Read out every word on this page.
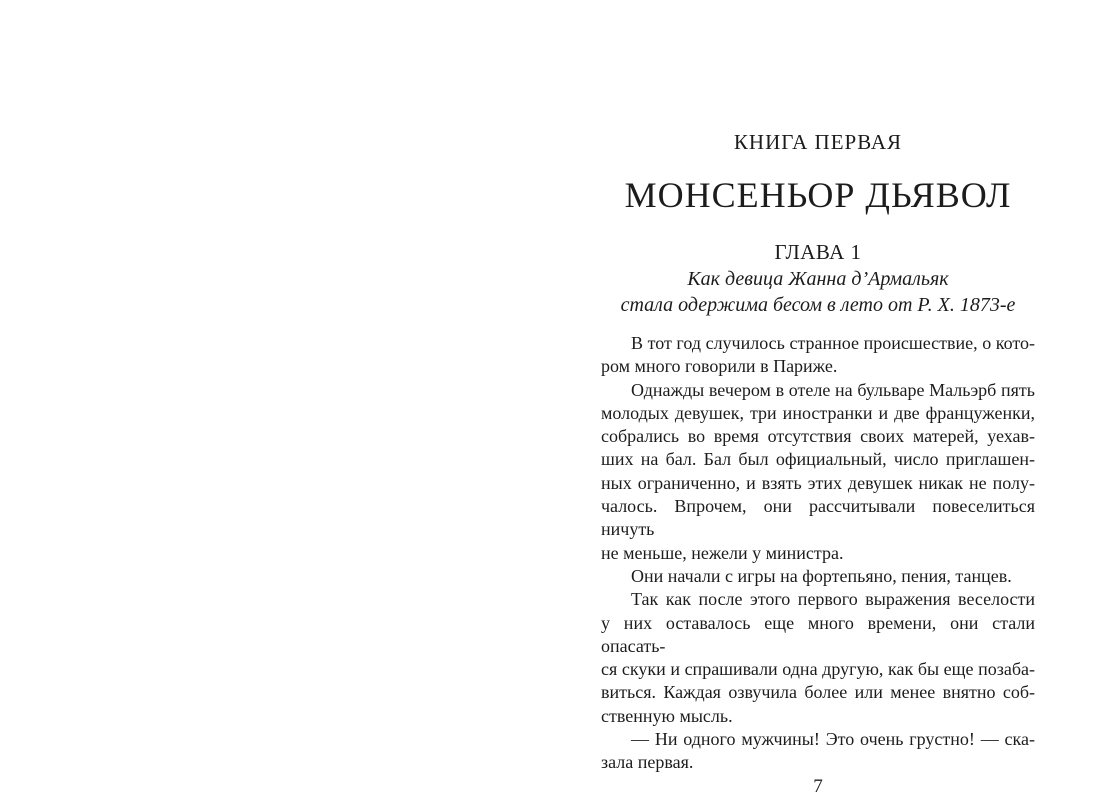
КНИГА ПЕРВАЯ
МОНСЕНЬОР ДЬЯВОЛ
ГЛАВА 1
Как девица Жанна д’Армальяк
стала одержима бесом в лето от Р. Х. 1873-е
В тот год случилось странное происшествие, о кото-
ром много говорили в Париже.
Однажды вечером в отеле на бульваре Мальэрб пять
молодых девушек, три иностранки и две француженки,
собрались во время отсутствия своих матерей, уехав-
ших на бал. Бал был официальный, число приглашен-
ных ограниченно, и взять этих девушек никак не полу-
чалось. Впрочем, они рассчитывали повеселиться ничуть
не меньше, нежели у министра.
Они начали с игры на фортепьяно, пения, танцев.
Так как после этого первого выражения веселости
у них оставалось еще много времени, они стали опасать-
ся скуки и спрашивали одна другую, как бы еще позаба-
виться. Каждая озвучила более или менее внятно соб-
ственную мысль.
— Ни одного мужчины! Это очень грустно! — ска-
зала первая.
7
